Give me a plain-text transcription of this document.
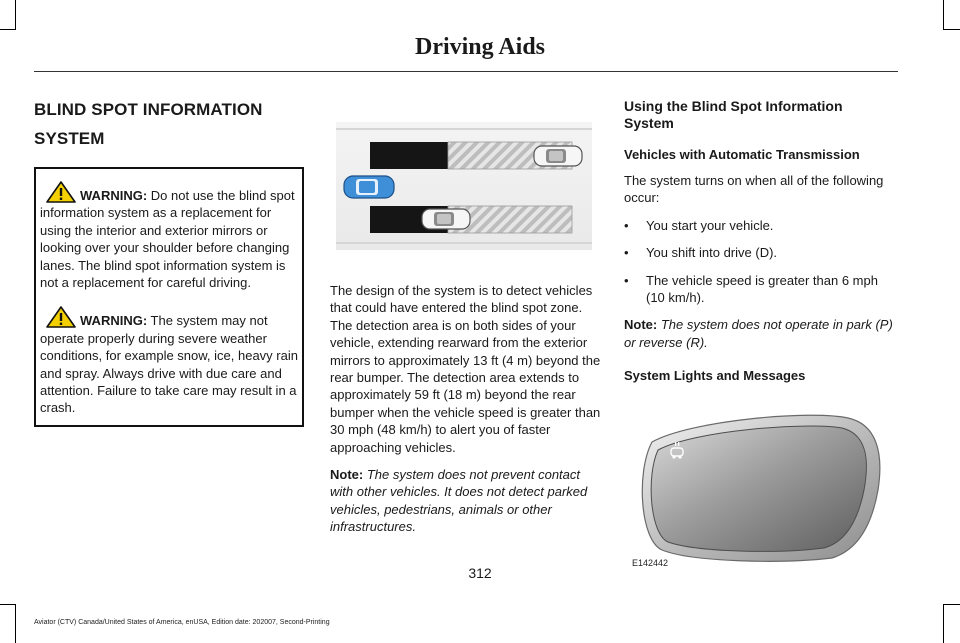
Driving Aids
BLIND SPOT INFORMATION
SYSTEM

WARNING: Do not use the blind spot information system as a replacement for using the interior and exterior mirrors or looking over your shoulder before changing lanes. The blind spot information system is not a replacement for careful driving.

WARNING: The system may not operate properly during severe weather conditions, for example snow, ice, heavy rain and spray. Always drive with due care and attention. Failure to take care may result in a crash.

The design of the system is to detect vehicles that could have entered the blind spot zone. The detection area is on both sides of your vehicle, extending rearward from the exterior mirrors to approximately 13 ft (4 m) beyond the rear bumper. The detection area extends to approximately 59 ft (18 m) beyond the rear bumper when the vehicle speed is greater than 30 mph (48 km/h) to alert you of faster approaching vehicles.

Note: The system does not prevent contact with other vehicles. It does not detect parked vehicles, pedestrians, animals or other infrastructures.

Using the Blind Spot Information System
Vehicles with Automatic Transmission

The system turns on when all of the following occur:

•	You start your vehicle.
•	You shift into drive (D).
•	The vehicle speed is greater than 6 mph (10 km/h).

Note: The system does not operate in park (P) or reverse (R).

System Lights and Messages
E142442
312
Aviator (CTV) Canada/United States of America, enUSA, Edition date: 202007, Second-Printing
